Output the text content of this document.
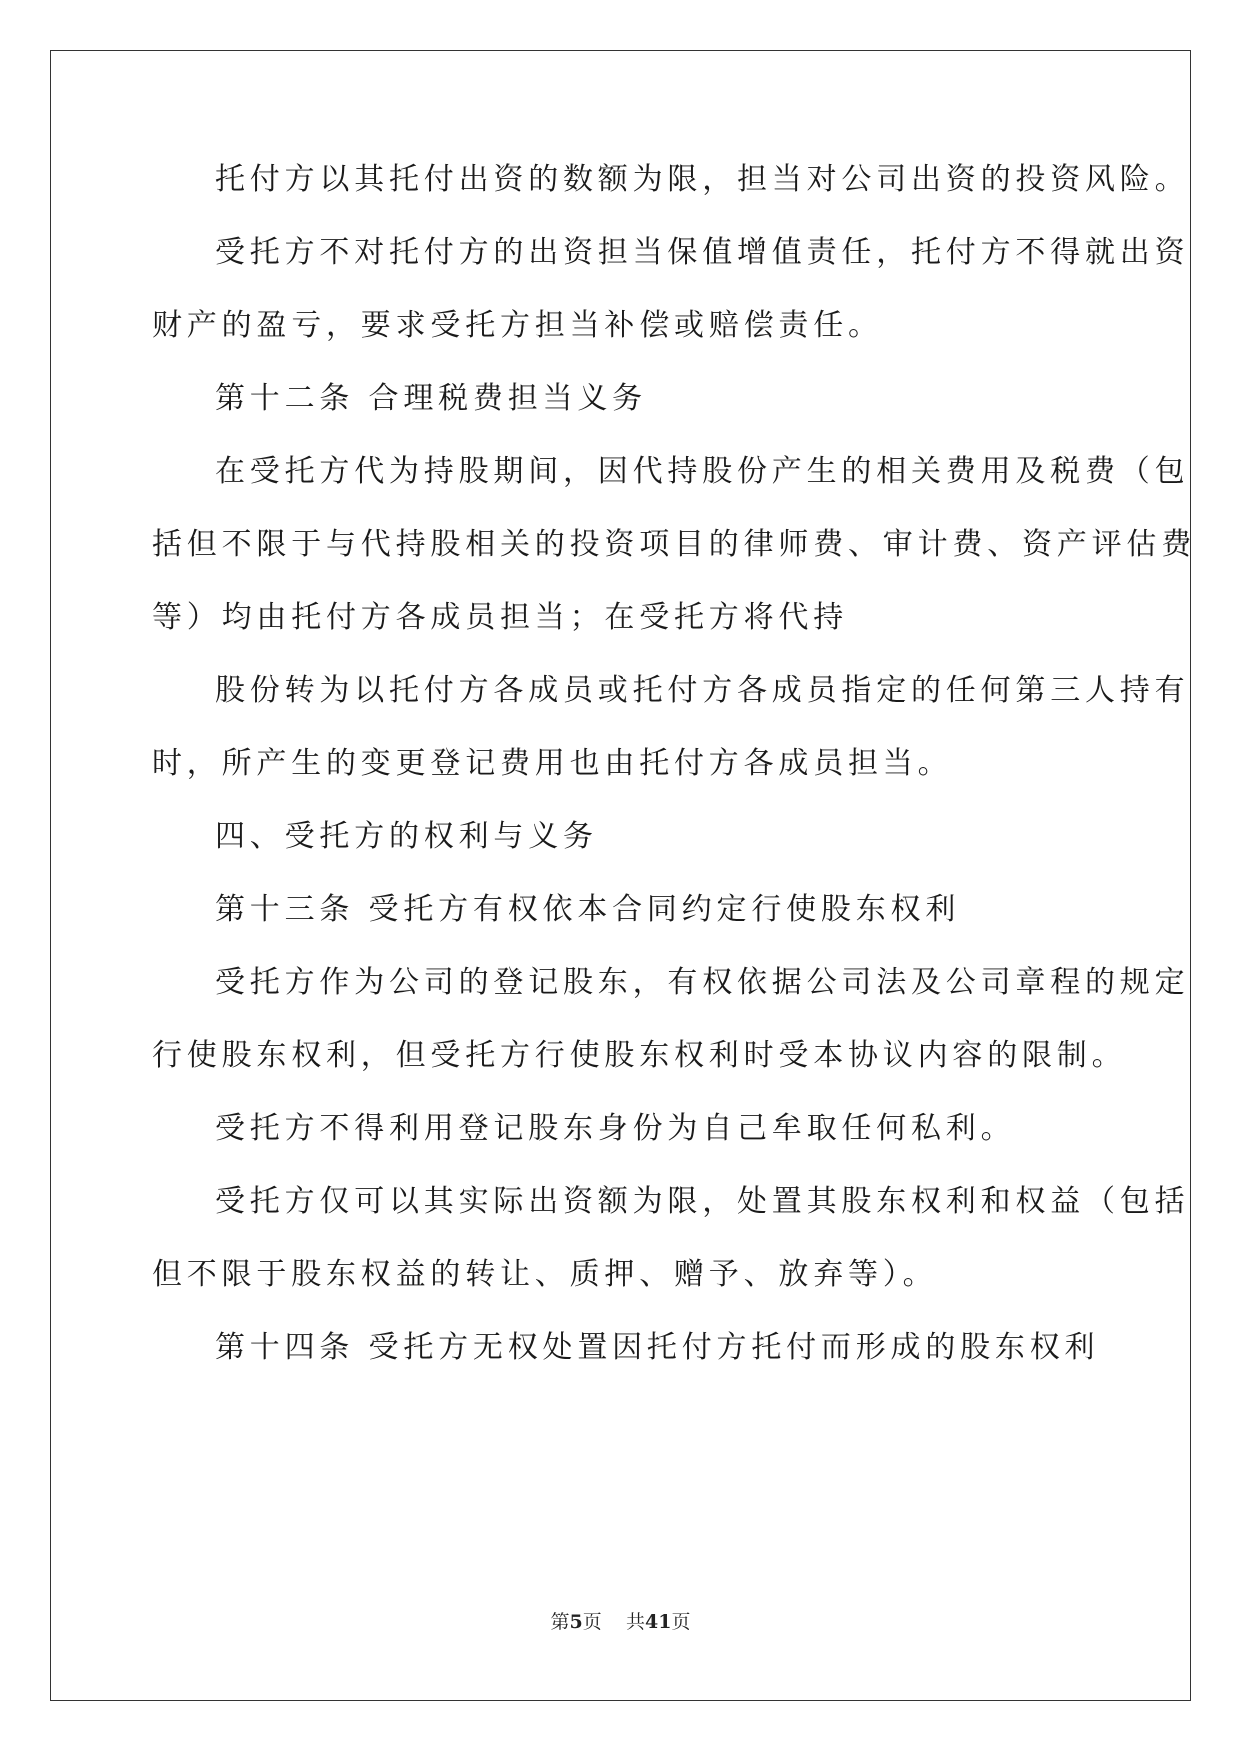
托付方以其托付出资的数额为限，担当对公司出资的投资风险。
受托方不对托付方的出资担当保值增值责任，托付方不得就出资
财产的盈亏，要求受托方担当补偿或赔偿责任。
第十二条 合理税费担当义务
在受托方代为持股期间，因代持股份产生的相关费用及税费（包
括但不限于与代持股相关的投资项目的律师费、审计费、资产评估费
等）均由托付方各成员担当；在受托方将代持
股份转为以托付方各成员或托付方各成员指定的任何第三人持有
时，所产生的变更登记费用也由托付方各成员担当。
四、受托方的权利与义务
第十三条 受托方有权依本合同约定行使股东权利
受托方作为公司的登记股东，有权依据公司法及公司章程的规定
行使股东权利，但受托方行使股东权利时受本协议内容的限制。
受托方不得利用登记股东身份为自己牟取任何私利。
受托方仅可以其实际出资额为限，处置其股东权利和权益（包括
但不限于股东权益的转让、质押、赠予、放弃等）。
第十四条 受托方无权处置因托付方托付而形成的股东权利
第5页 共41页
